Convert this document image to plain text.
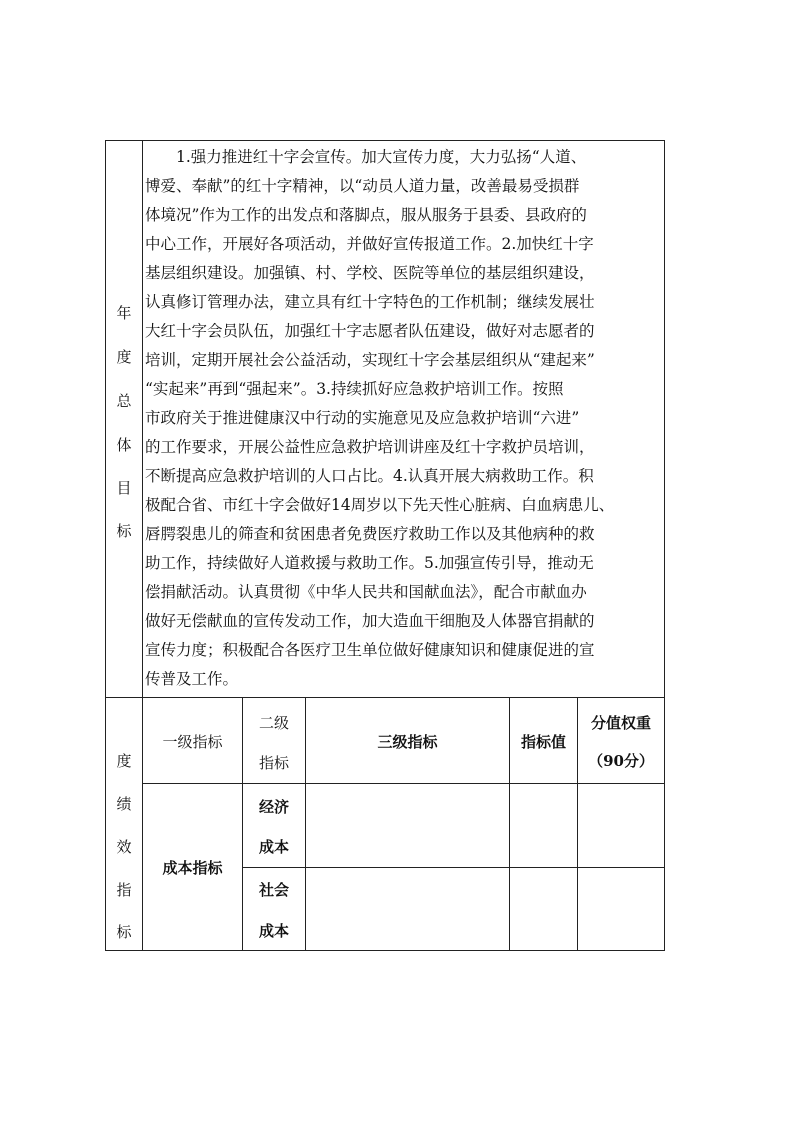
年
度
总
体
目
标
　　1.强力推进红十字会宣传。加大宣传力度，大力弘扬“人道、
博爱、奉献”的红十字精神，以“动员人道力量，改善最易受损群
体境况”作为工作的出发点和落脚点，服从服务于县委、县政府的
中心工作，开展好各项活动，并做好宣传报道工作。2.加快红十字
基层组织建设。加强镇、村、学校、医院等单位的基层组织建设，
认真修订管理办法，建立具有红十字特色的工作机制；继续发展壮
大红十字会员队伍，加强红十字志愿者队伍建设，做好对志愿者的
培训，定期开展社会公益活动，实现红十字会基层组织从“建起来”
“实起来”再到“强起来”。3.持续抓好应急救护培训工作。按照
市政府关于推进健康汉中行动的实施意见及应急救护培训“六进”
的工作要求，开展公益性应急救护培训讲座及红十字救护员培训，
不断提高应急救护培训的人口占比。4.认真开展大病救助工作。积
极配合省、市红十字会做好14周岁以下先天性心脏病、白血病患儿、
唇腭裂患儿的筛查和贫困患者免费医疗救助工作以及其他病种的救
助工作，持续做好人道救援与救助工作。5.加强宣传引导，推动无
偿捐献活动。认真贯彻《中华人民共和国献血法》，配合市献血办
做好无偿献血的宣传发动工作，加大造血干细胞及人体器官捐献的
宣传力度；积极配合各医疗卫生单位做好健康知识和健康促进的宣
传普及工作。
度
绩
效
指
标
一级指标
二级
指标
三级指标	指标值
分值权重
（90分）
成本指标
经济
成本
社会
成本
